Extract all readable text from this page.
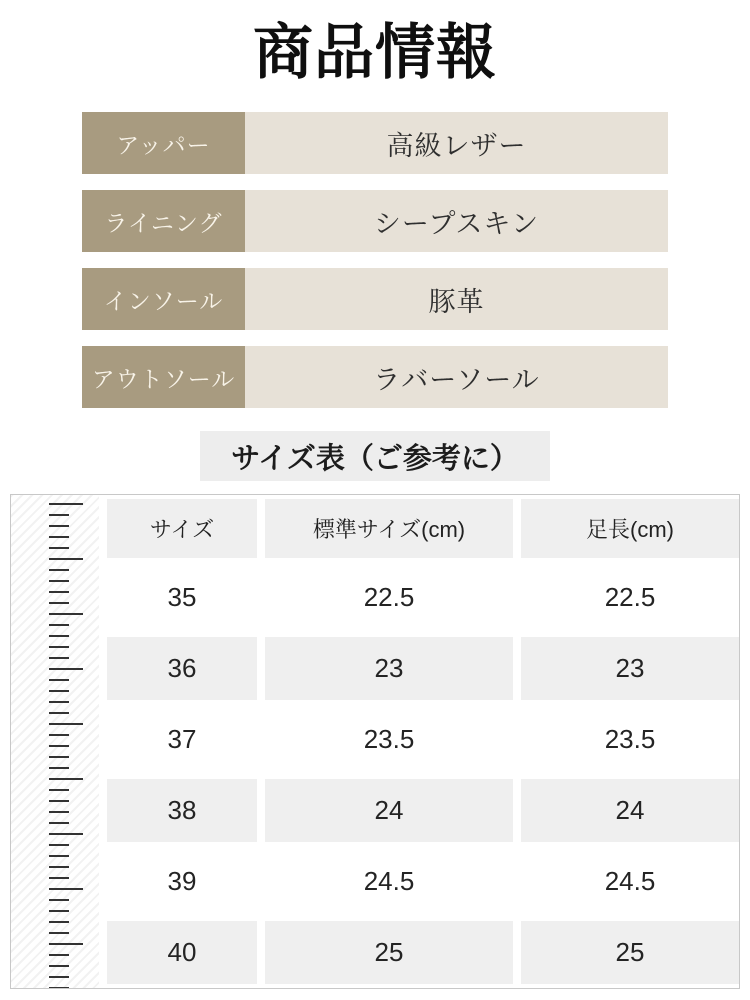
商品情報
アッパー	高級レザー
ライニング	シープスキン
インソール	豚革
アウトソール	ラバーソール
サイズ表（ご参考に）
サイズ	標準サイズ(cm)	足長(cm)
35	22.5	22.5
36	23	23
37	23.5	23.5
38	24	24
39	24.5	24.5
40	25	25
